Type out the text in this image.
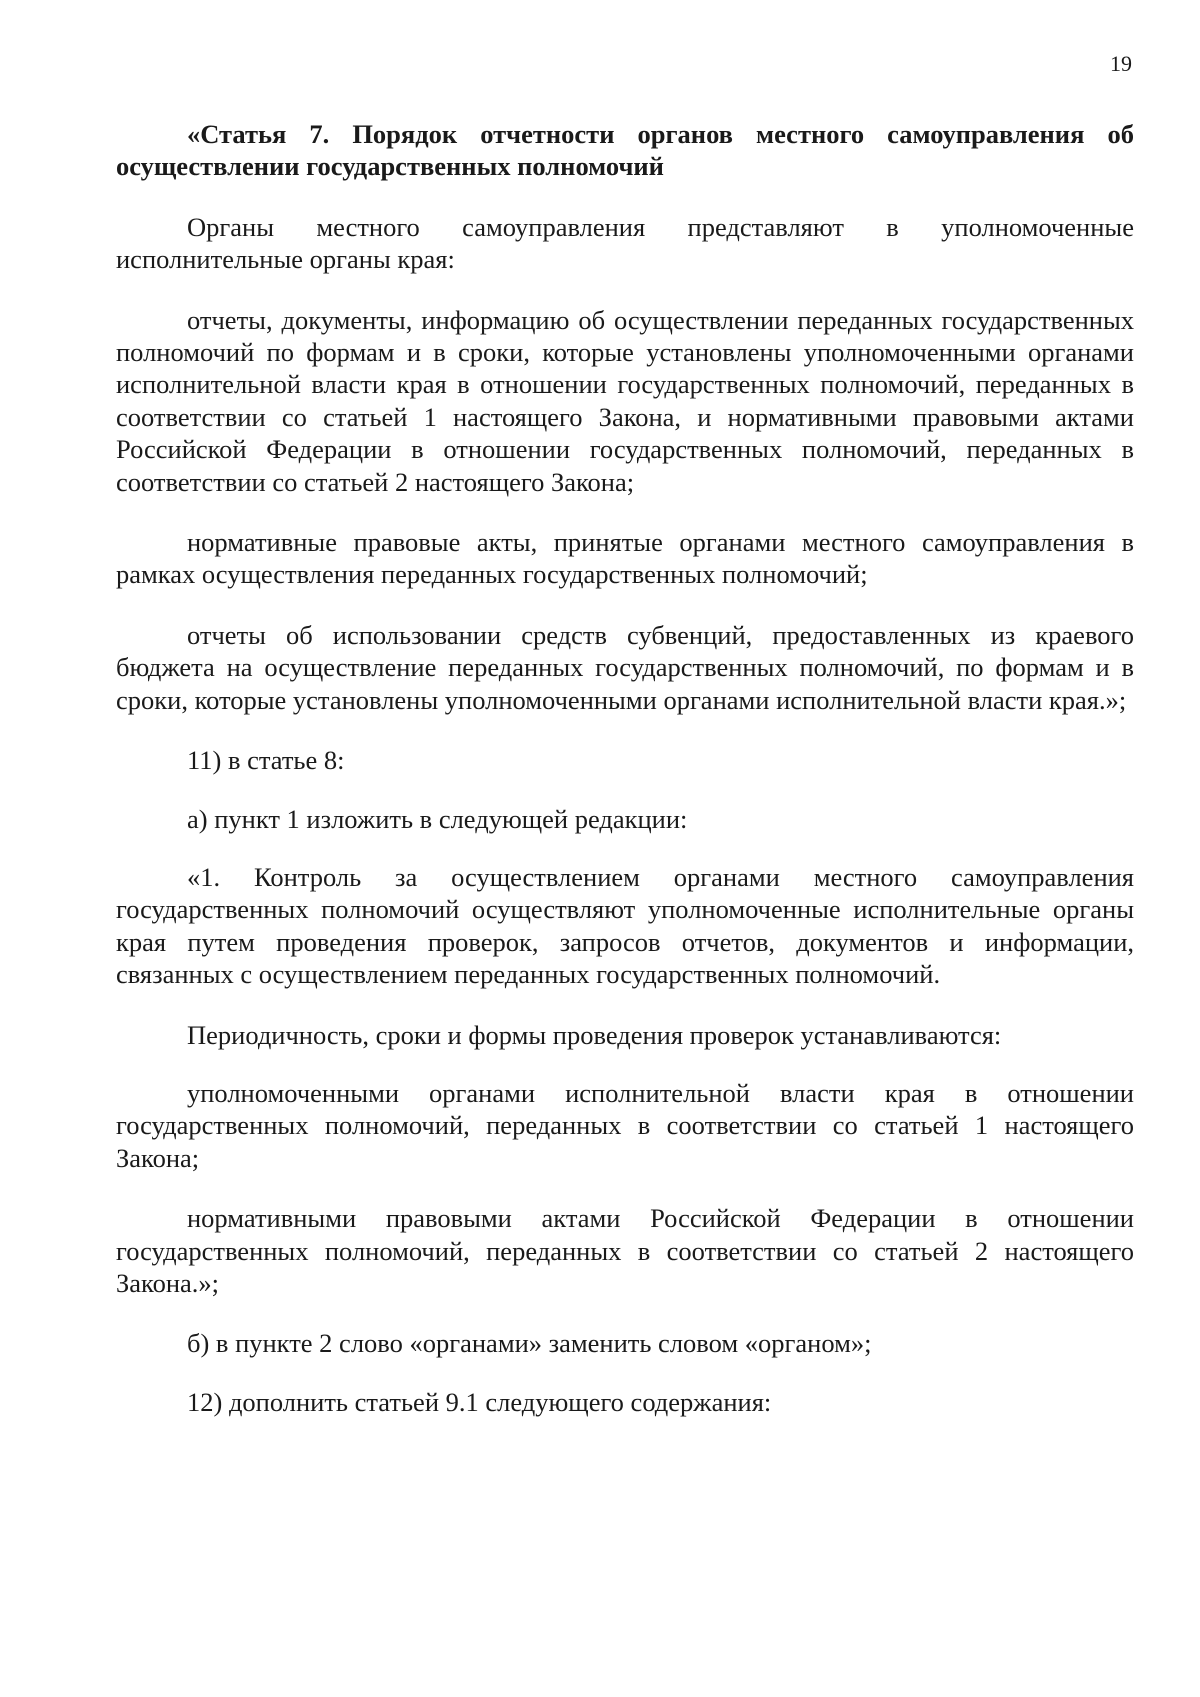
19

«Статья 7. Порядок отчетности органов местного самоуправления об осуществлении государственных полномочий

Органы местного самоуправления представляют в уполномоченные исполнительные органы края:

отчеты, документы, информацию об осуществлении переданных государственных полномочий по формам и в сроки, которые установлены уполномоченными органами исполнительной власти края в отношении государственных полномочий, переданных в соответствии со статьей 1 настоящего Закона, и нормативными правовыми актами Российской Федерации в отношении государственных полномочий, переданных в соответствии со статьей 2 настоящего Закона;

нормативные правовые акты, принятые органами местного самоуправления в рамках осуществления переданных государственных полномочий;

отчеты об использовании средств субвенций, предоставленных из краевого бюджета на осуществление переданных государственных полномочий, по формам и в сроки, которые установлены уполномоченными органами исполнительной власти края.»;

11) в статье 8:

а) пункт 1 изложить в следующей редакции:

«1. Контроль за осуществлением органами местного самоуправления государственных полномочий осуществляют уполномоченные исполнительные органы края путем проведения проверок, запросов отчетов, документов и информации, связанных с осуществлением переданных государственных полномочий.

Периодичность, сроки и формы проведения проверок устанавливаются:

уполномоченными органами исполнительной власти края в отношении государственных полномочий, переданных в соответствии со статьей 1 настоящего Закона;

нормативными правовыми актами Российской Федерации в отношении государственных полномочий, переданных в соответствии со статьей 2 настоящего Закона.»;

б) в пункте 2 слово «органами» заменить словом «органом»;

12) дополнить статьей 9.1 следующего содержания:
